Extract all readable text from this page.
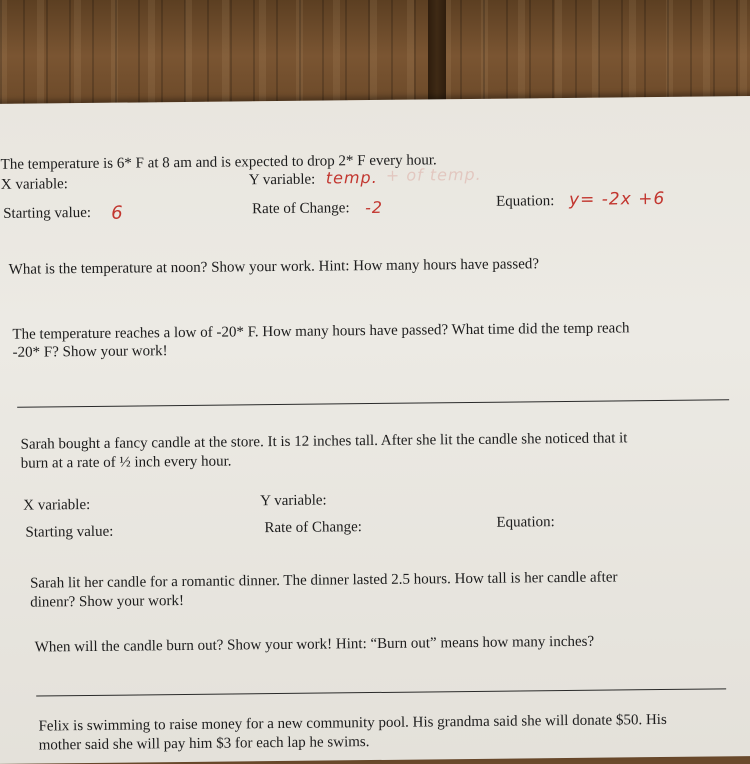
The temperature is 6* F at 8 am and is expected to drop 2* F every hour.
X variable:	Y variable: temp. + of temp.
Starting value: 6	Rate of Change: -2	Equation: y= -2x +6
What is the temperature at noon? Show your work. Hint: How many hours have passed?
The temperature reaches a low of -20* F. How many hours have passed? What time did the temp reach
-20* F? Show your work!
Sarah bought a fancy candle at the store. It is 12 inches tall. After she lit the candle she noticed that it
burn at a rate of ½ inch every hour.
X variable:	Y variable:
Starting value:	Rate of Change:	Equation:
Sarah lit her candle for a romantic dinner. The dinner lasted 2.5 hours. How tall is her candle after
dinenr? Show your work!
When will the candle burn out? Show your work! Hint: “Burn out” means how many inches?
Felix is swimming to raise money for a new community pool. His grandma said she will donate $50. His
mother said she will pay him $3 for each lap he swims.
